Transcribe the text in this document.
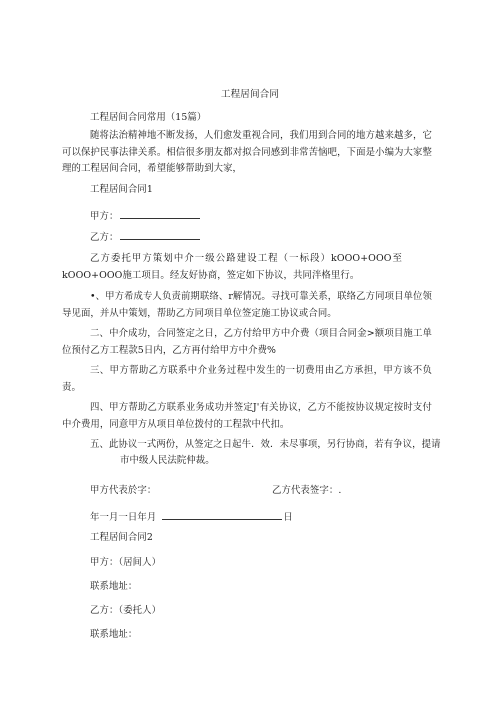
工程居间合同
工程居间合同常用（15篇）
随将法治精神地不断发扬，人们愈发重视合同，我们用到合同的地方越来越多，它可以保护民事法律关系。相信很多朋友都对拟合同感到非常苦恼吧，下面是小编为大家整理的工程居间合同，希望能够帮助到大家，
工程居间合同1
甲方：
乙方：
乙方委托甲方策划中介一级公路建设工程（一标段）kOOO+OOO至kOOO+OOO施工项目。经友好协商，签定如下协议，共同泮格里行。
•、甲方希成专人负责前期联络、r解情况。寻找可靠关系，联络乙方同项目单位领导见面，并从中策划，帮助乙方同项目单位签定施工协议或合同。
二、中介成功，合同签定之日，乙方付给甲方中介费（项目合同金>额项目施工单位预付乙方工程款5日内，乙方再付给甲方中介费%
三、甲方帮助乙方联系中介业务过程中发生的一切费用由乙方承担，甲方该不负责。
四、甲方帮助乙方联系业务成功并签定J'有关协议，乙方不能按协议规定按时支付中介费用，同意甲方从项目单位拨付的工程款中代扣。
五、此协议一式两份，从签定之日起牛．效．未尽事项，另行协商，若有争议，提请
市中级人民法院仲裁。
甲方代表於字：	乙方代表签字：.
年一月一日年月	日
工程居间合同2
甲方：（居间人）
联系地址：
乙方：（委托人）
联系地址：
